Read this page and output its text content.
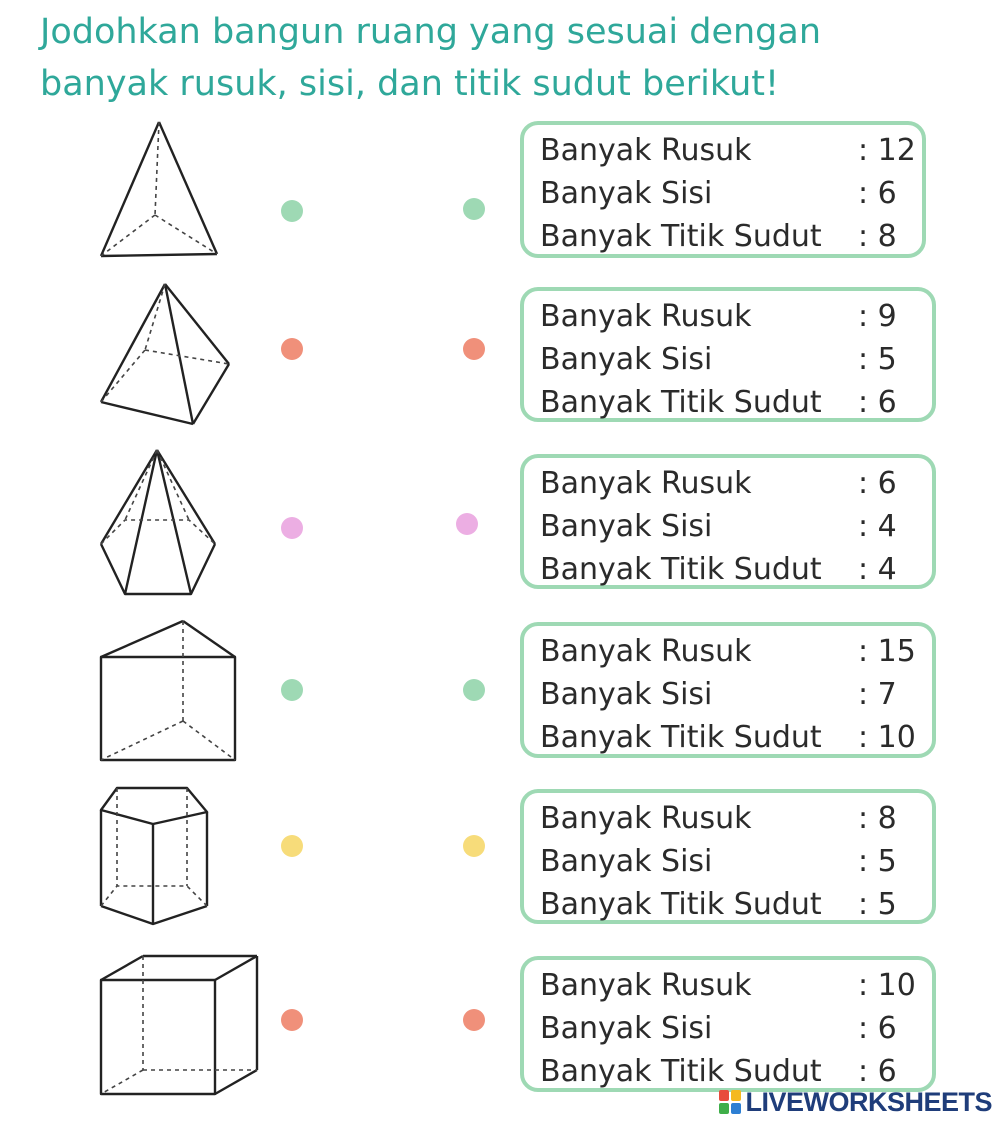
Jodohkan bangun ruang yang sesuai dengan
banyak rusuk, sisi, dan titik sudut berikut!
Banyak Rusuk	: 12
Banyak Sisi	: 6
Banyak Titik Sudut : 8
Banyak Rusuk	: 9
Banyak Sisi	: 5
Banyak Titik Sudut : 6
Banyak Rusuk	: 6
Banyak Sisi	: 4
Banyak Titik Sudut : 4
Banyak Rusuk	: 15
Banyak Sisi	: 7
Banyak Titik Sudut : 10
Banyak Rusuk	: 8
Banyak Sisi	: 5
Banyak Titik Sudut : 5
Banyak Rusuk	: 10
Banyak Sisi	: 6
Banyak Titik Sudut : 6
LIVEWORKSHEETS
